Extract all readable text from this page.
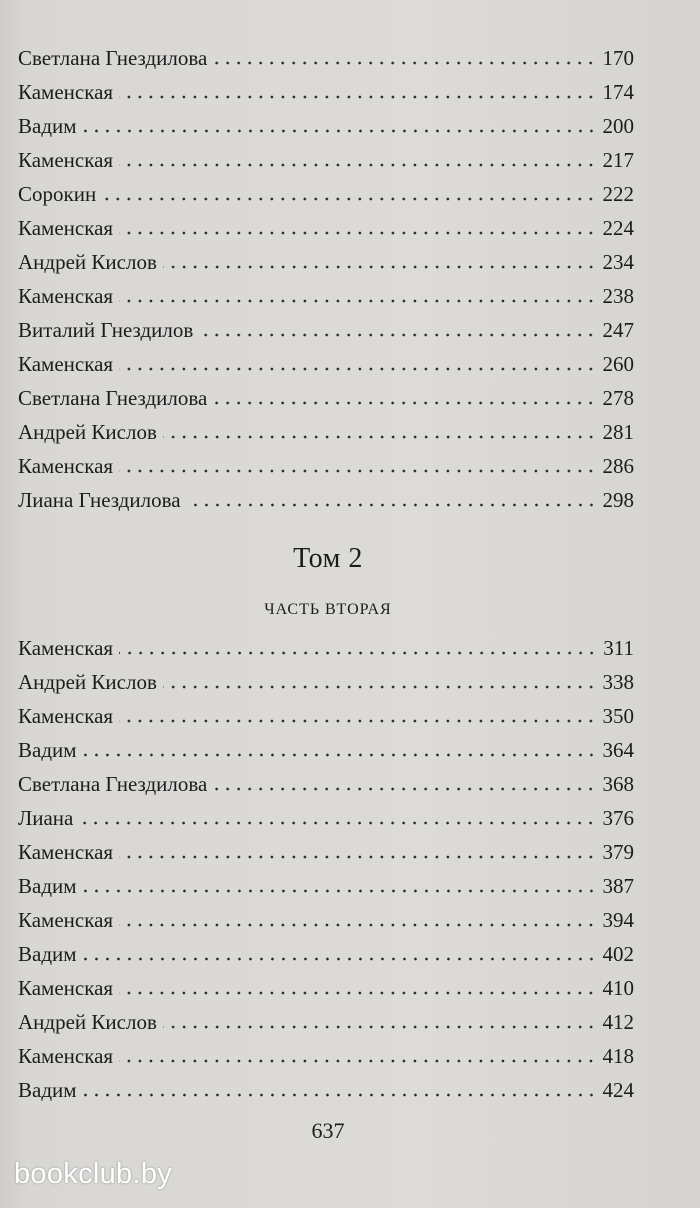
Светлана Гнездилова	170
Каменская	174
Вадим	200
Каменская	217
Сорокин	222
Каменская	224
Андрей Кислов	234
Каменская	238
Виталий Гнездилов	247
Каменская	260
Светлана Гнездилова	278
Андрей Кислов	281
Каменская	286
Лиана Гнездилова	298
Том 2
ЧАСТЬ ВТОРАЯ
Каменская	311
Андрей Кислов	338
Каменская	350
Вадим	364
Светлана Гнездилова	368
Лиана	376
Каменская	379
Вадим	387
Каменская	394
Вадим	402
Каменская	410
Андрей Кислов	412
Каменская	418
Вадим	424
637
bookclub.by
